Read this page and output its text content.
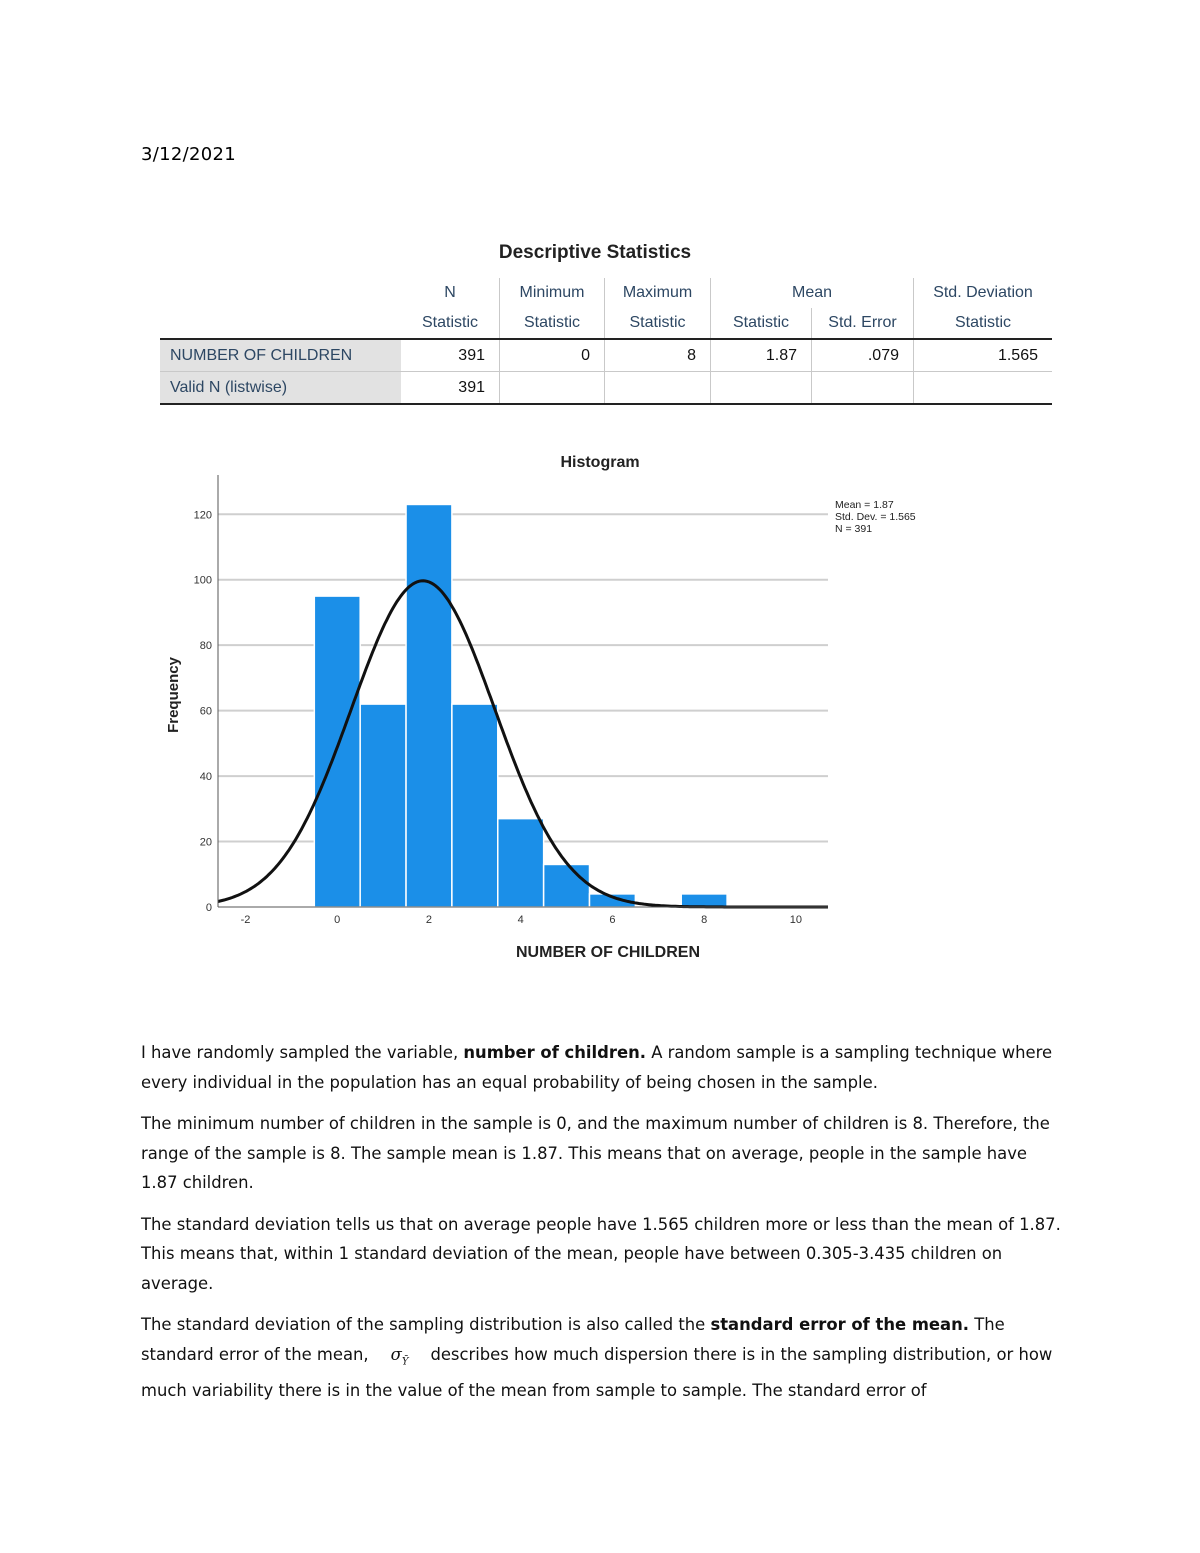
3/12/2021
Descriptive Statistics
	N	Minimum	Maximum	Mean		Std. Deviation
	Statistic	Statistic	Statistic	Statistic	Std. Error	Statistic
NUMBER OF CHILDREN	391	0	8	1.87	.079	1.565
Valid N (listwise)	391					
Histogram
0
20
40
60
80
100
120
-2	0	2	4	6	8	10
NUMBER OF CHILDREN
Frequency
Mean = 1.87
Std. Dev. = 1.565
N = 391

I have randomly sampled the variable, number of children. A random sample is a sampling technique where every individual in the population has an equal probability of being chosen in the sample.

The minimum number of children in the sample is 0, and the maximum number of children is 8. Therefore, the range of the sample is 8. The sample mean is 1.87. This means that on average, people in the sample have 1.87 children.

The standard deviation tells us that on average people have 1.565 children more or less than the mean of 1.87. This means that, within 1 standard deviation of the mean, people have between 0.305-3.435 children on average.

The standard deviation of the sampling distribution is also called the standard error of the mean. The standard error of the mean, $\sigma_Ȳ$ describes how much dispersion there is in the sampling distribution, or how much variability there is in the value of the mean from sample to sample. The standard error of
